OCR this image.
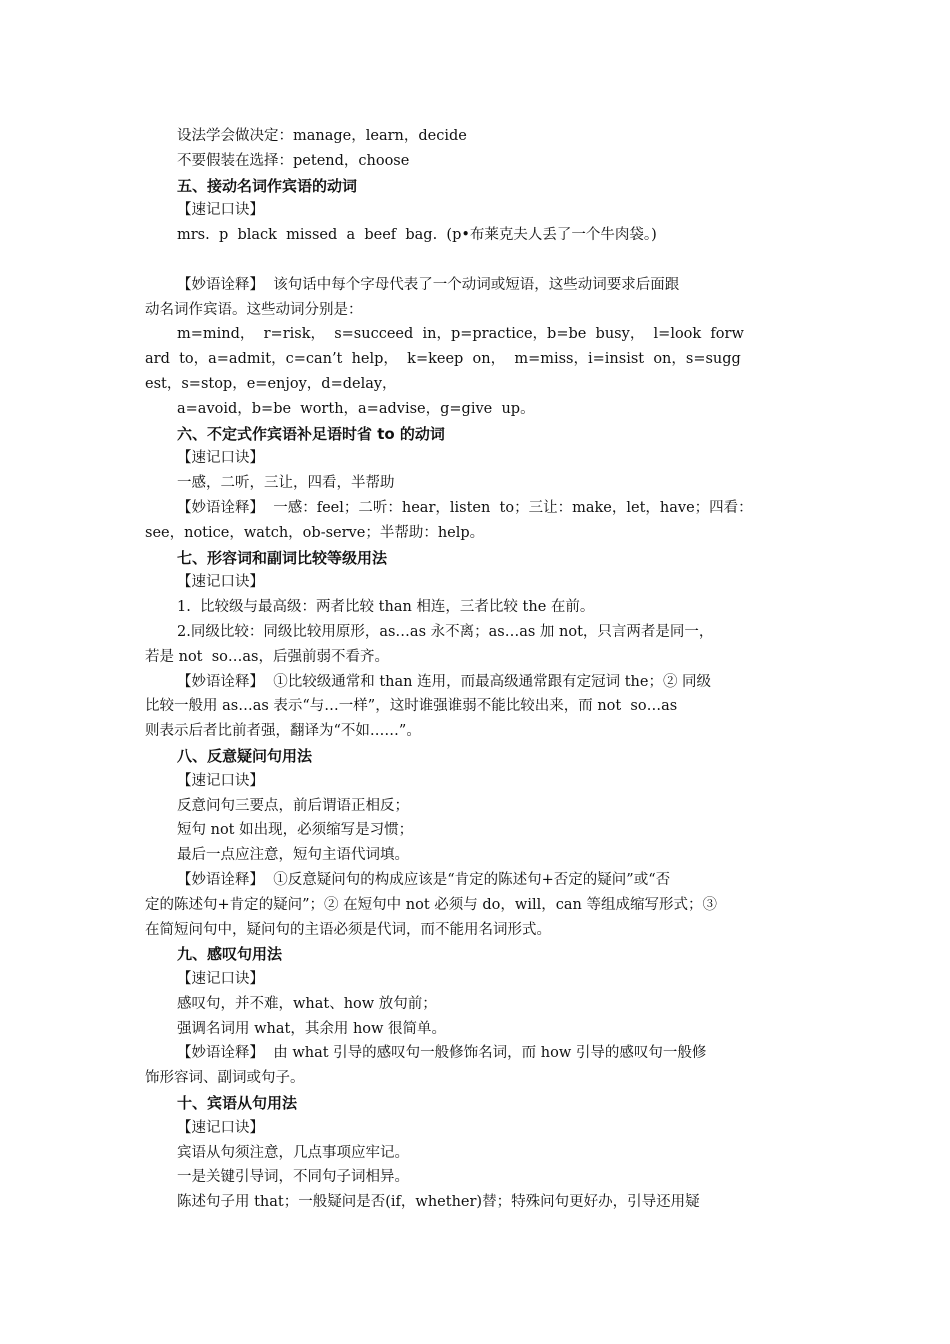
设法学会做决定：manage，learn，decide
不要假装在选择：petend，choose
五、接动名词作宾语的动词
【速记口诀】
mrs.  p  black  missed  a  beef  bag.  (p•布莱克夫人丢了一个牛肉袋。)
【妙语诠释】  该句话中每个字母代表了一个动词或短语，这些动词要求后面跟
动名词作宾语。这些动词分别是：
m=mind，  r=risk，  s=succeed  in，p=practice，b=be  busy，  l=look  forw
ard  to，a=admit，c=can’t  help，  k=keep  on，  m=miss，i=insist  on，s=sugg
est，s=stop，e=enjoy，d=delay，
a=avoid，b=be  worth，a=advise，g=give  up。
六、不定式作宾语补足语时省 to 的动词
【速记口诀】
一感，二听，三让，四看，半帮助
【妙语诠释】  一感：feel；二听：hear，listen  to；三让：make，let，have；四看：
see，notice，watch，ob-serve；半帮助：help。
七、形容词和副词比较等级用法
【速记口诀】
1.  比较级与最高级：两者比较 than 相连，三者比较 the 在前。
2.同级比较：同级比较用原形，as…as 永不离；as…as 加 not，只言两者是同一，
若是 not  so…as，后强前弱不看齐。
【妙语诠释】  ①比较级通常和 than 连用，而最高级通常跟有定冠词 the；② 同级
比较一般用 as…as 表示“与…一样”，这时谁强谁弱不能比较出来，而 not  so…as
则表示后者比前者强，翻译为“不如……”。
八、反意疑问句用法
【速记口诀】
反意问句三要点，前后谓语正相反；
短句 not 如出现，必须缩写是习惯；
最后一点应注意，短句主语代词填。
【妙语诠释】  ①反意疑问句的构成应该是“肯定的陈述句+否定的疑问”或“否
定的陈述句+肯定的疑问”；② 在短句中 not 必须与 do，will，can 等组成缩写形式；③
在简短问句中，疑问句的主语必须是代词，而不能用名词形式。
九、感叹句用法
【速记口诀】
感叹句，并不难，what、how 放句前；
强调名词用 what，其余用 how 很简单。
【妙语诠释】  由 what 引导的感叹句一般修饰名词，而 how 引导的感叹句一般修
饰形容词、副词或句子。
十、宾语从句用法
【速记口诀】
宾语从句须注意，几点事项应牢记。
一是关键引导词，不同句子词相异。
陈述句子用 that；一般疑问是否(if，whether)替；特殊问句更好办，引导还用疑
